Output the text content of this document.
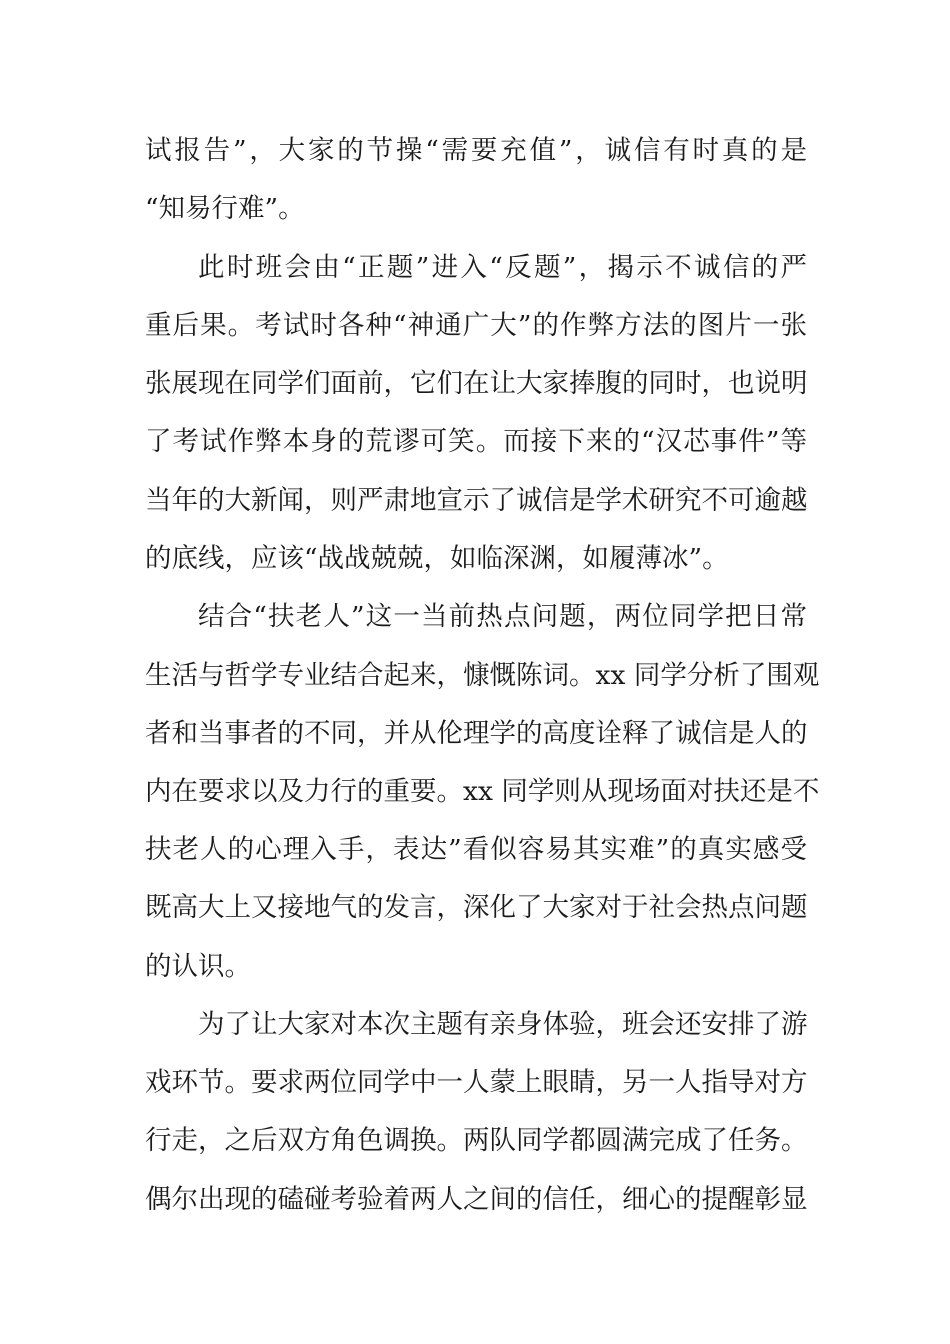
试报告”，大家的节操“需要充值”，诚信有时真的是
“知易行难”。
此时班会由“正题”进入“反题”，揭示不诚信的严
重后果。考试时各种“神通广大”的作弊方法的图片一张
张展现在同学们面前，它们在让大家捧腹的同时，也说明
了考试作弊本身的荒谬可笑。而接下来的“汉芯事件”等
当年的大新闻，则严肃地宣示了诚信是学术研究不可逾越
的底线，应该“战战兢兢，如临深渊，如履薄冰”。
结合“扶老人”这一当前热点问题，两位同学把日常
生活与哲学专业结合起来，慷慨陈词。xx 同学分析了围观
者和当事者的不同，并从伦理学的高度诠释了诚信是人的
内在要求以及力行的重要。xx 同学则从现场面对扶还是不
扶老人的心理入手，表达”看似容易其实难”的真实感受
既高大上又接地气的发言，深化了大家对于社会热点问题
的认识。
为了让大家对本次主题有亲身体验，班会还安排了游
戏环节。要求两位同学中一人蒙上眼睛，另一人指导对方
行走，之后双方角色调换。两队同学都圆满完成了任务。
偶尔出现的磕碰考验着两人之间的信任，细心的提醒彰显
